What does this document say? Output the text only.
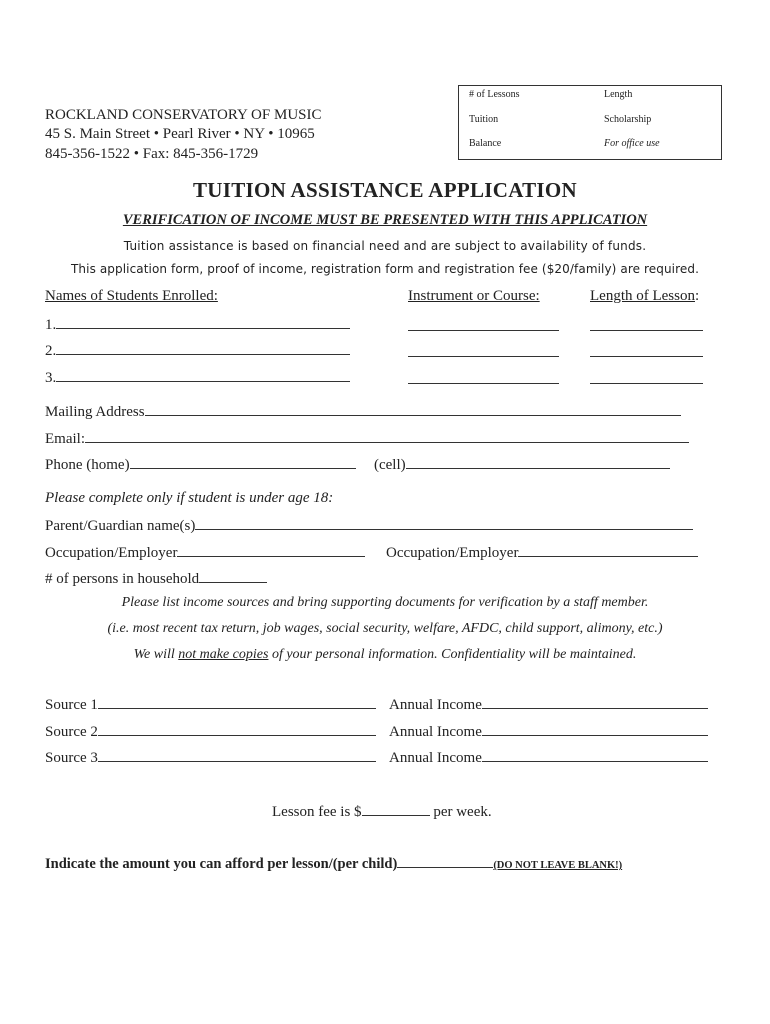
ROCKLAND CONSERVATORY OF MUSIC
45 S. Main Street • Pearl River • NY • 10965
845-356-1522 • Fax: 845-356-1729
# of Lessons	Length
Tuition	Scholarship
Balance	For office use
TUITION ASSISTANCE APPLICATION
VERIFICATION OF INCOME MUST BE PRESENTED WITH THIS APPLICATION
Tuition assistance is based on financial need and are subject to availability of funds.
This application form, proof of income, registration form and registration fee ($20/family) are required.
Names of Students Enrolled:	Instrument or Course:	Length of Lesson:
1.
2.
3.
Mailing Address
Email:
Phone (home)	(cell)
Please complete only if student is under age 18:
Parent/Guardian name(s)
Occupation/Employer	Occupation/Employer
# of persons in household
Please list income sources and bring supporting documents for verification by a staff member.
(i.e. most recent tax return, job wages, social security, welfare, AFDC, child support, alimony, etc.)
We will not make copies of your personal information. Confidentiality will be maintained.
Source 1	Annual Income
Source 2	Annual Income
Source 3	Annual Income
Lesson fee is $	per week.
Indicate the amount you can afford per lesson/(per child)	(DO NOT LEAVE BLANK!)
